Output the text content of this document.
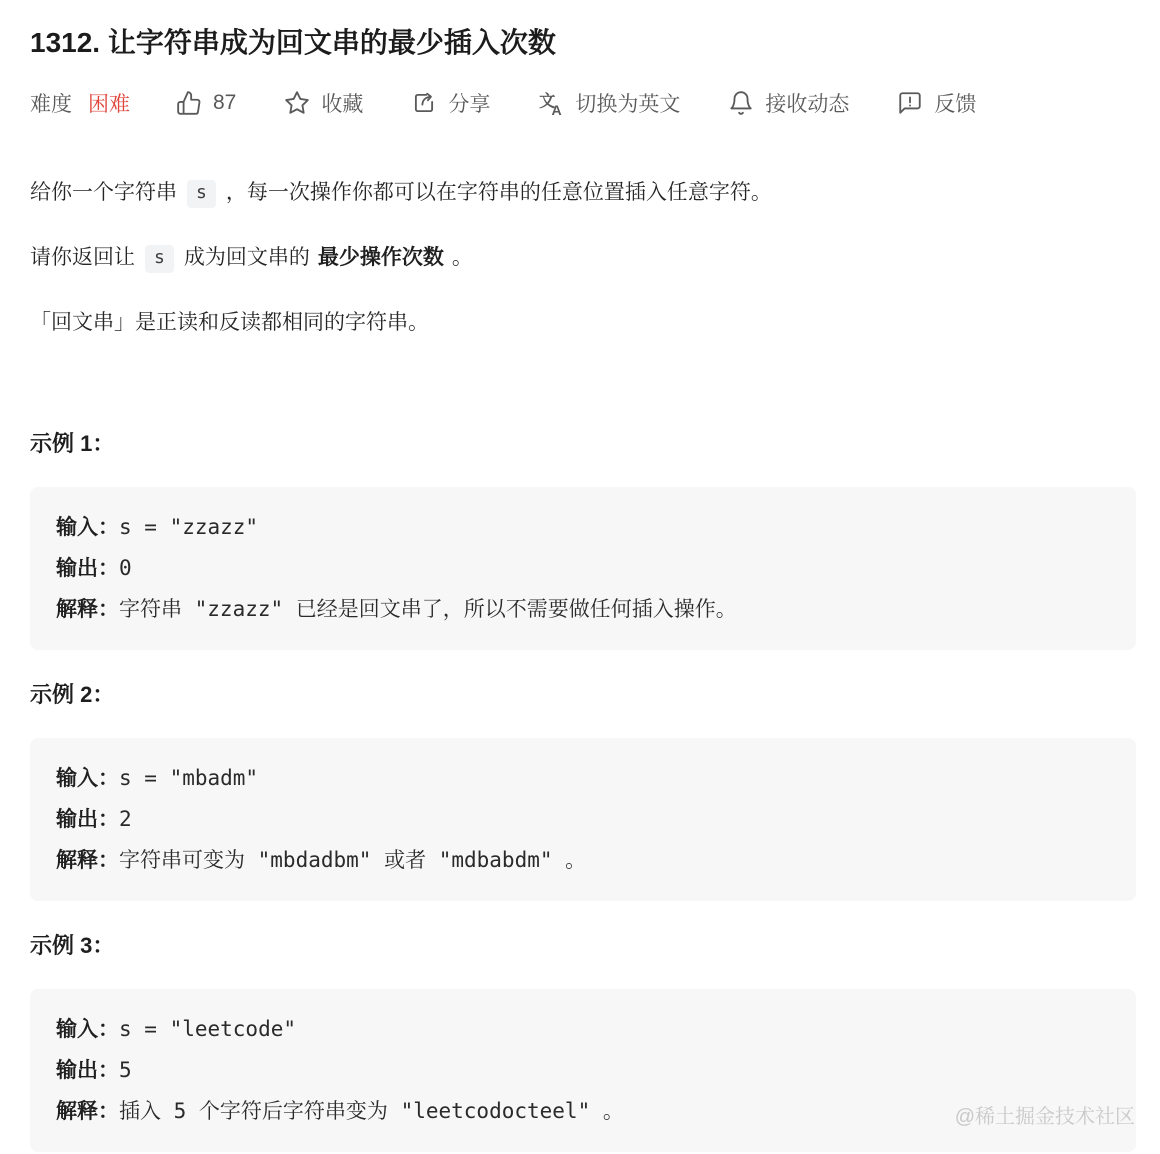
1312. 让字符串成为回文串的最少插入次数
难度 困难	87	收藏	分享	文
A 切换为英文	接收动态	反馈

给你一个字符串 s ，每一次操作你都可以在字符串的任意位置插入任意字符。

请你返回让 s 成为回文串的 最少操作次数 。

「回文串」是正读和反读都相同的字符串。

示例 1：
输入：s = "zzazz"
输出：0
解释：字符串 "zzazz" 已经是回文串了，所以不需要做任何插入操作。
示例 2：
输入：s = "mbadm"
输出：2
解释：字符串可变为 "mbdadbm" 或者 "mdbabdm" 。
示例 3：
输入：s = "leetcode"
输出：5
解释：插入 5 个字符后字符串变为 "leetcodocteel" 。	@稀土掘金技术社区
